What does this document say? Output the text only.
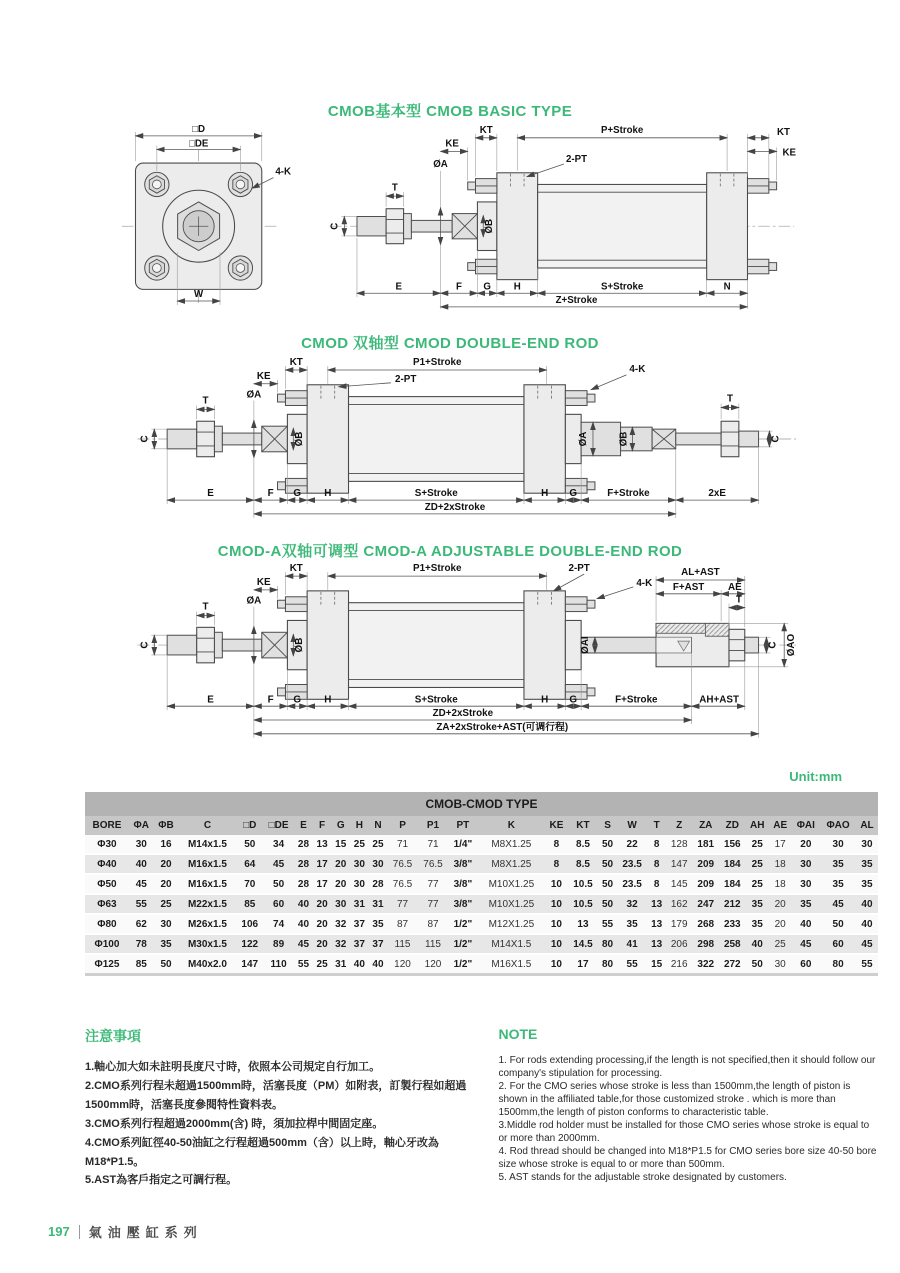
CMOB基本型 CMOB BASIC TYPE
□D
□DE
4-K
W
C
T
ØA
ØB
KE
KT	P+Stroke
2-PT
KT
KE
E	F G H	S+Stroke	N
Z+Stroke
CMOD 双轴型 CMOD DOUBLE-END ROD
C
T
ØA
ØB	ØA	ØB
T
C
KE
KT	P1+Stroke
2-PT
4-K
E	F G H	S+Stroke	H G	F+Stroke	2xE
ZD+2xStroke
CMOD-A双轴可调型 CMOD-A ADJUSTABLE DOUBLE-END ROD
C
T
ØA
ØB	ØAI
AL+AST
F+AST AE
T
C ØAO
KE
KT	P1+Stroke	2-PT
4-K
E	F G H	S+Stroke	H G	F+Stroke	AH+AST
ZD+2xStroke
ZA+2xStroke+AST(可调行程)
Unit:mm
CMOB-CMOD TYPE																											
BORE	ΦA	ΦB	C	□D	□DE	E	F	G	H	N	P	P1	PT	K	KE	KT	S	W	T	Z	ZA	ZD	AH	AE	ΦAI	ΦAO	AL
Φ30	30	16	M14x1.5	50	34	28	13	15	25	25	71	71	1/4"	M8X1.25	8	8.5	50	22	8	128	181	156	25	17	20	30	30
Φ40	40	20	M16x1.5	64	45	28	17	20	30	30	76.5	76.5	3/8"	M8X1.25	8	8.5	50	23.5	8	147	209	184	25	18	30	35	35
Φ50	45	20	M16x1.5	70	50	28	17	20	30	28	76.5	77	3/8"	M10X1.25	10	10.5	50	23.5	8	145	209	184	25	18	30	35	35
Φ63	55	25	M22x1.5	85	60	40	20	30	31	31	77	77	3/8"	M10X1.25	10	10.5	50	32	13	162	247	212	35	20	35	45	40
Φ80	62	30	M26x1.5	106	74	40	20	32	37	35	87	87	1/2"	M12X1.25	10	13	55	35	13	179	268	233	35	20	40	50	40
Φ100	78	35	M30x1.5	122	89	45	20	32	37	37	115	115	1/2"	M14X1.5	10	14.5	80	41	13	206	298	258	40	25	45	60	45
Φ125	85	50	M40x2.0	147	110	55	25	31	40	40	120	120	1/2"	M16X1.5	10	17	80	55	15	216	322	272	50	30	60	80	55
注意事項
1.軸心加大如未註明長度尺寸時，依照本公司規定自行加工。
2.CMO系列行程未超過1500mm時，活塞長度（PM）如附表，訂製行程如超過1500mm時，活塞長度參閱特性資料表。
3.CMO系列行程超過2000mm(含) 時，須加拉桿中間固定座。
4.CMO系列缸徑40-50油缸之行程超過500mm（含）以上時，軸心牙改為M18*P1.5。
5.AST為客戶指定之可調行程。
NOTE
1. For rods extending processing,if the length is not specified,then it should follow our company's stipulation for processing.
2. For the CMO series whose stroke is less than 1500mm,the length of piston is shown in the affiliated table,for those customized stroke . which is more than 1500mm,the length of piston conforms to characteristic table.
3.Middle rod holder must be installed for those CMO series whose stroke is equal to or more than 2000mm.
4. Rod thread should be changed into M18*P1.5 for CMO series bore size 40-50 bore size whose stroke is equal to or more than 500mm.
5. AST stands for the adjustable stroke designated by customers.
197 氣油壓缸系列
